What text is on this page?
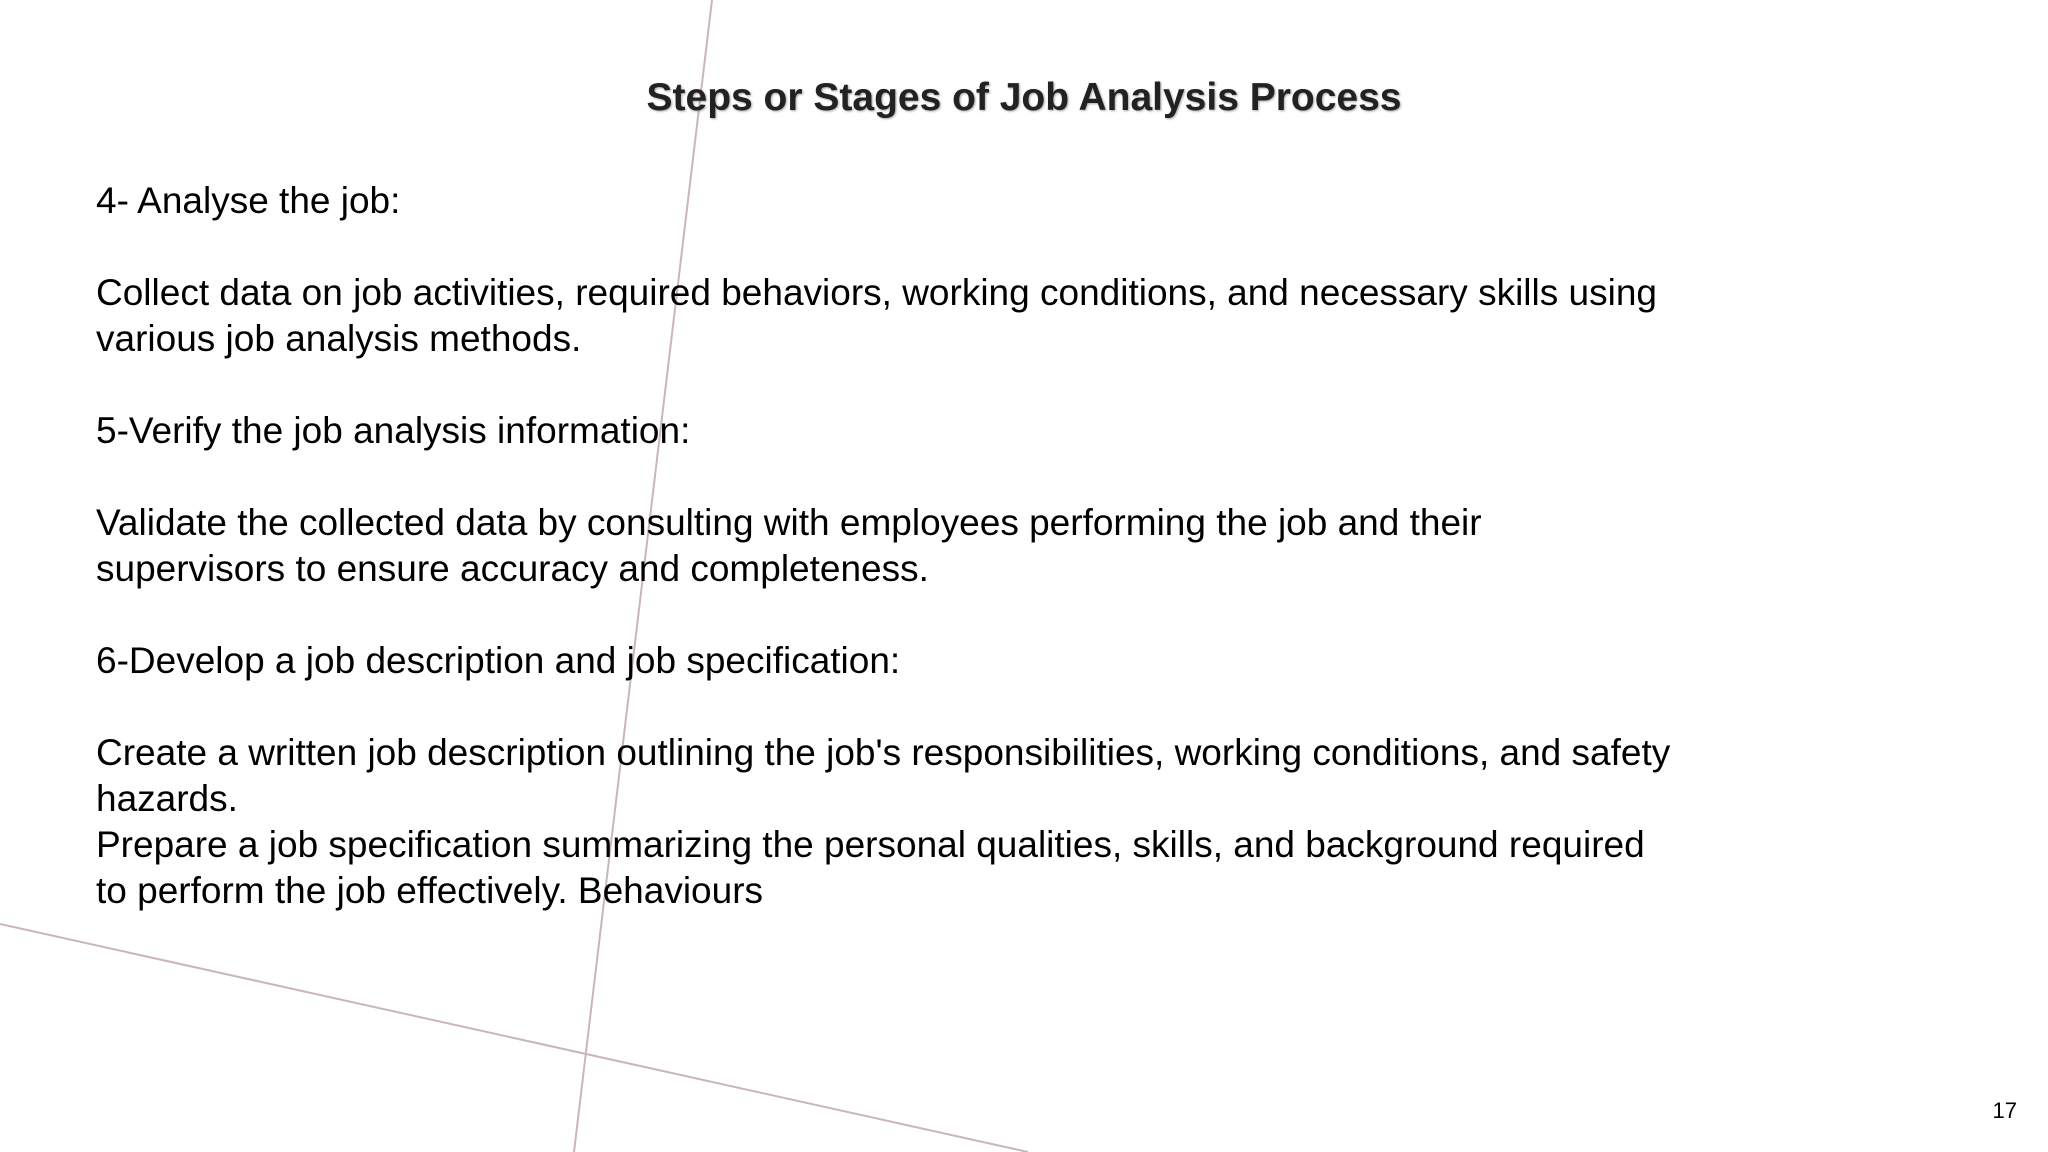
Steps or Stages of Job Analysis Process

4- Analyse the job:

Collect data on job activities, required behaviors, working conditions, and necessary skills using

various job analysis methods.

5-Verify the job analysis information:

Validate the collected data by consulting with employees performing the job and their

supervisors to ensure accuracy and completeness.

6-Develop a job description and job specification:

Create a written job description outlining the job's responsibilities, working conditions, and safety

hazards.

Prepare a job specification summarizing the personal qualities, skills, and background required

to perform the job effectively. Behaviours

17
